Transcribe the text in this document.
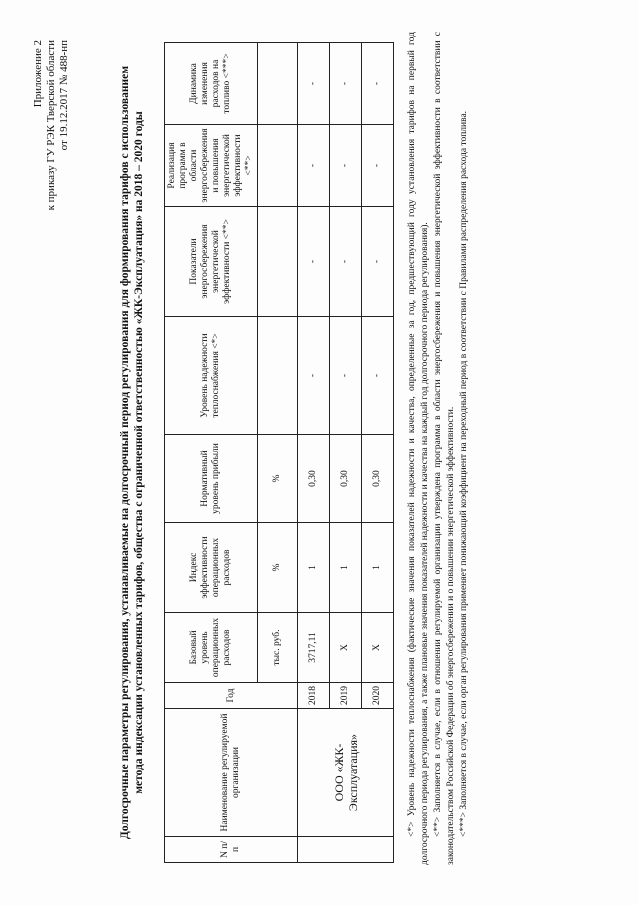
Приложение 2 к приказу ГУ РЭК Тверской области от 19.12.2017 № 488-нп	Долгосрочные параметры регулирования, устанавливаемые на долгосрочный период регулирования для формирования тарифов с использованием метода индексации установленных тарифов, общества с ограниченной ответственностью «ЖК-Эксплуатация» на 2018 – 2020 годы
N п/п	Наименование регулируемой организации	Год	Базовый уровень операционных расходов	Индекс эффективности операционных расходов	Нормативный уровень прибыли	Уровень надежности теплоснабжения <*>	Показатели энергосбережения энергетической эффективности <**>	Реализация программ в области энергосбережения и повышения энергетической эффективности <**>	Динамика изменения расходов на топливо <***>
			тыс. руб.	%	%				
	ООО «ЖК-Эксплуатация»	2018	3717,11	1	0,30	-	-	-	-
		2019	Х	1	0,30	-	-	-	-
		2020	Х	1	0,30	-	-	-	-	<*> Уровень надежности теплоснабжения (фактические значения показателей надежности и качества, определенные за год, предшествующий году установления тарифов на первый год долгосрочного периода регулирования, а также плановые значения показателей надежности и качества на каждый год долгосрочного периода регулирования). <**> Заполняется в случае, если в отношении регулируемой организации утверждена программа в области энергосбережения и повышения энергетической эффективности в соответствии с законодательством Российской Федерации об энергосбережении и о повышении энергетической эффективности. <***> Заполняется в случае, если орган регулирования применяет понижающий коэффициент на переходный период в соответствии с Правилами распределения расхода топлива.
